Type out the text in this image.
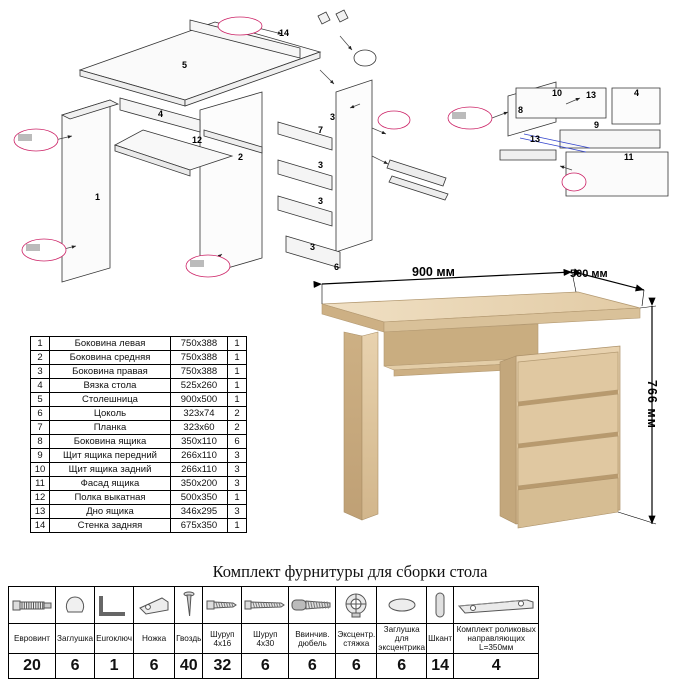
14
5
4
12
2
1
3
7
3
3
3
6
10	13
8
4
9
13
11
1	Боковина левая	750x388	1
2	Боковина средняя	750x388	1
3	Боковина правая	750x388	1
4	Вязка стола	525x260	1
5	Столешница	900x500	1
6	Цоколь	323x74	2
7	Планка	323x60	2
8	Боковина ящика	350x110	6
9	Щит ящика передний	266x110	3
10	Щит ящика задний	266x110	3
11	Фасад ящика	350x200	3
12	Полка выкатная	500x350	1
13	Дно ящика	346x295	3
14	Стенка задняя	675x350	1
900 мм	500 мм
766 мм
Комплект фурнитуры для сборки стола

Евровинт	Заглушка	Euroключ	Ножка	Гвоздь	Шуруп 4x16	Шуруп 4x30	Ввинчив. дюбель	Эксцентр. стяжка	Заглушка для эксцентрика	Шкант	Комплект роликовых направляющих L=350мм
20	6	1	6	40	32	6	6	6	6	14	4
